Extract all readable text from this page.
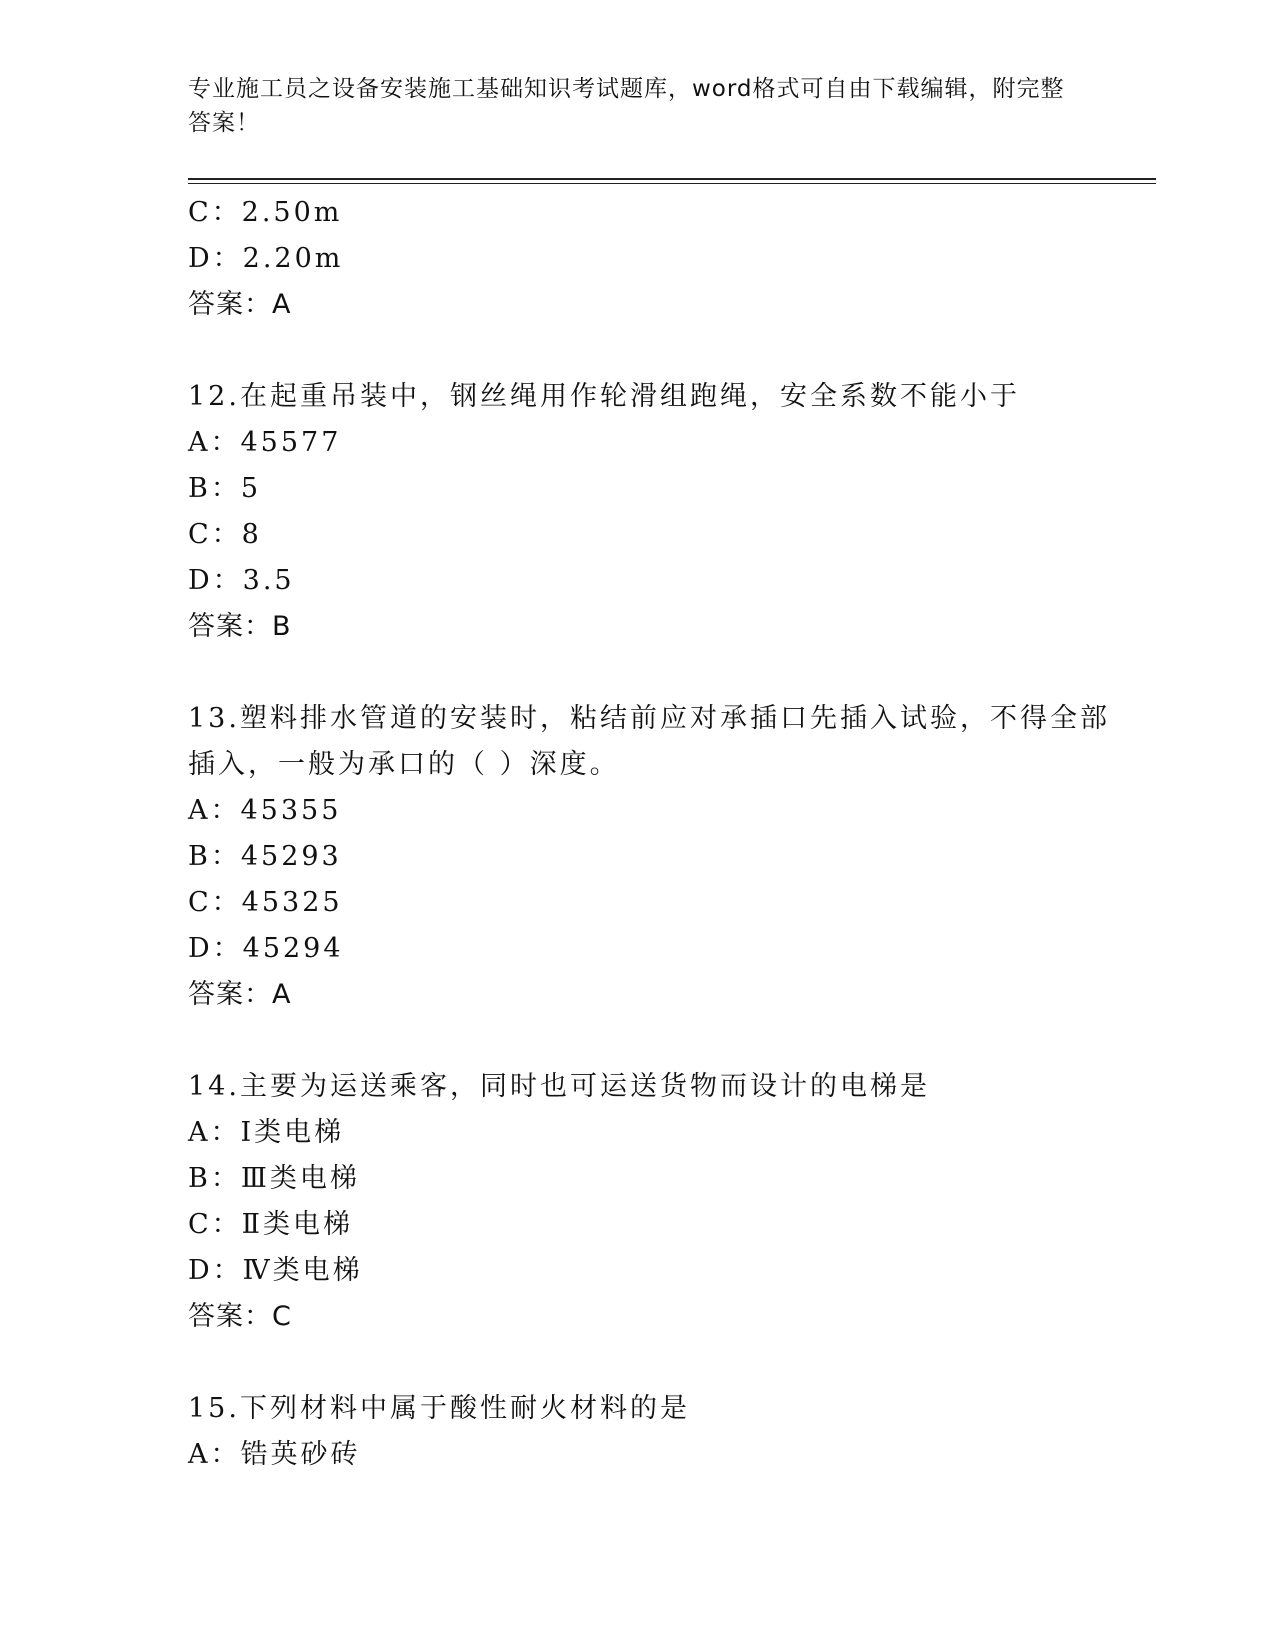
专业施工员之设备安装施工基础知识考试题库，word格式可自由下载编辑，附完整答案！
C：2.50m
D：2.20m
答案：A
12.在起重吊装中，钢丝绳用作轮滑组跑绳，安全系数不能小于
A：45577
B：5
C：8
D：3.5
答案：B
13.塑料排水管道的安装时，粘结前应对承插口先插入试验，不得全部
插入，一般为承口的（ ）深度。
A：45355
B：45293
C：45325
D：45294
答案：A
14.主要为运送乘客，同时也可运送货物而设计的电梯是
A：Ⅰ类电梯
B：Ⅲ类电梯
C：Ⅱ类电梯
D：Ⅳ类电梯
答案：C
15.下列材料中属于酸性耐火材料的是
A：锆英砂砖
